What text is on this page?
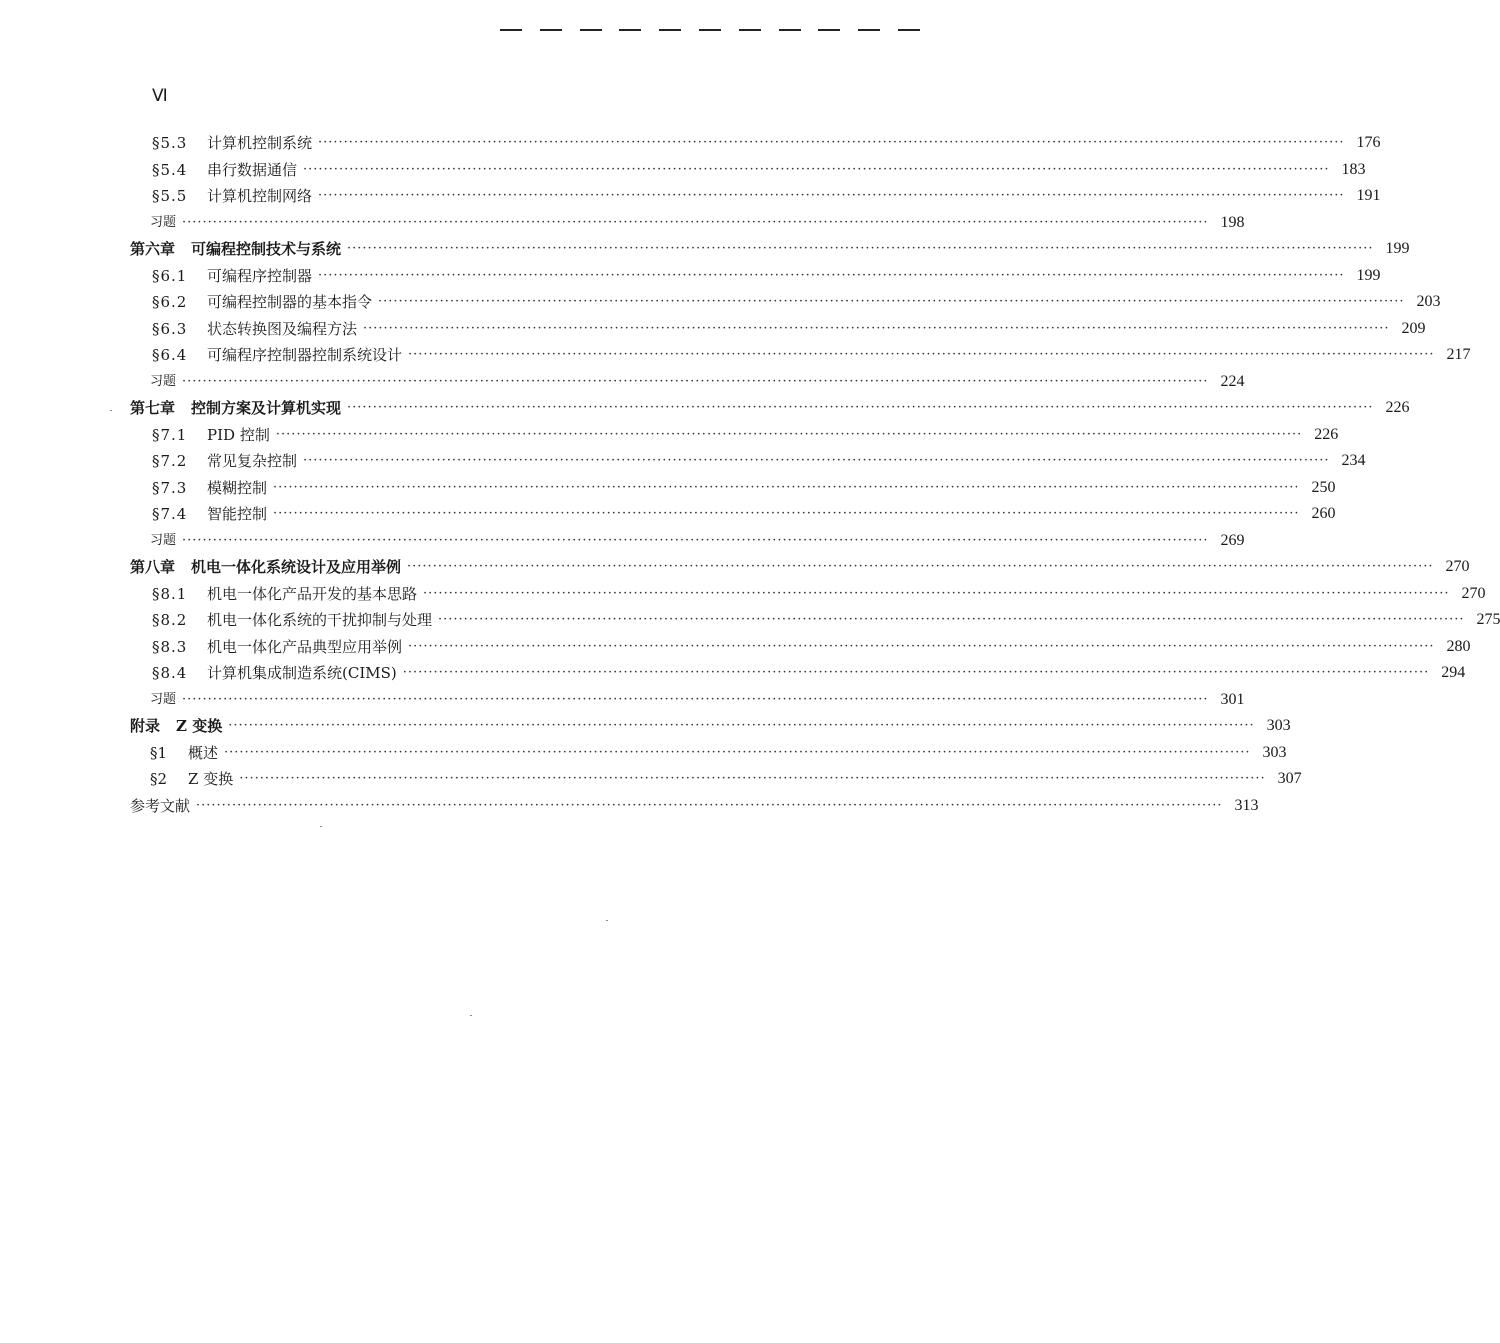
Ⅵ
§5.3 计算机控制系统 ········································································································································································································ 176
§5.4 串行数据通信 ········································································································································································································ 183
§5.5 计算机控制网络 ········································································································································································································ 191
习题 ········································································································································································································ 198
第六章 可编程控制技术与系统 ········································································································································································································ 199
§6.1 可编程序控制器 ········································································································································································································ 199
§6.2 可编程控制器的基本指令 ········································································································································································································ 203
§6.3 状态转换图及编程方法 ········································································································································································································ 209
§6.4 可编程序控制器控制系统设计 ········································································································································································································ 217
习题 ········································································································································································································ 224
第七章 控制方案及计算机实现 ········································································································································································································ 226
§7.1 PID 控制 ········································································································································································································ 226
§7.2 常见复杂控制 ········································································································································································································ 234
§7.3 模糊控制 ········································································································································································································ 250
§7.4 智能控制 ········································································································································································································ 260
习题 ········································································································································································································ 269
第八章 机电一体化系统设计及应用举例 ········································································································································································································ 270
§8.1 机电一体化产品开发的基本思路 ········································································································································································································ 270
§8.2 机电一体化系统的干扰抑制与处理 ········································································································································································································ 275
§8.3 机电一体化产品典型应用举例 ········································································································································································································ 280
§8.4 计算机集成制造系统(CIMS) ········································································································································································································ 294
习题 ········································································································································································································ 301
附录 Z 变换 ········································································································································································································ 303
§1 概述 ········································································································································································································ 303
§2 Z 变换 ········································································································································································································ 307
参考文献 ········································································································································································································ 313
